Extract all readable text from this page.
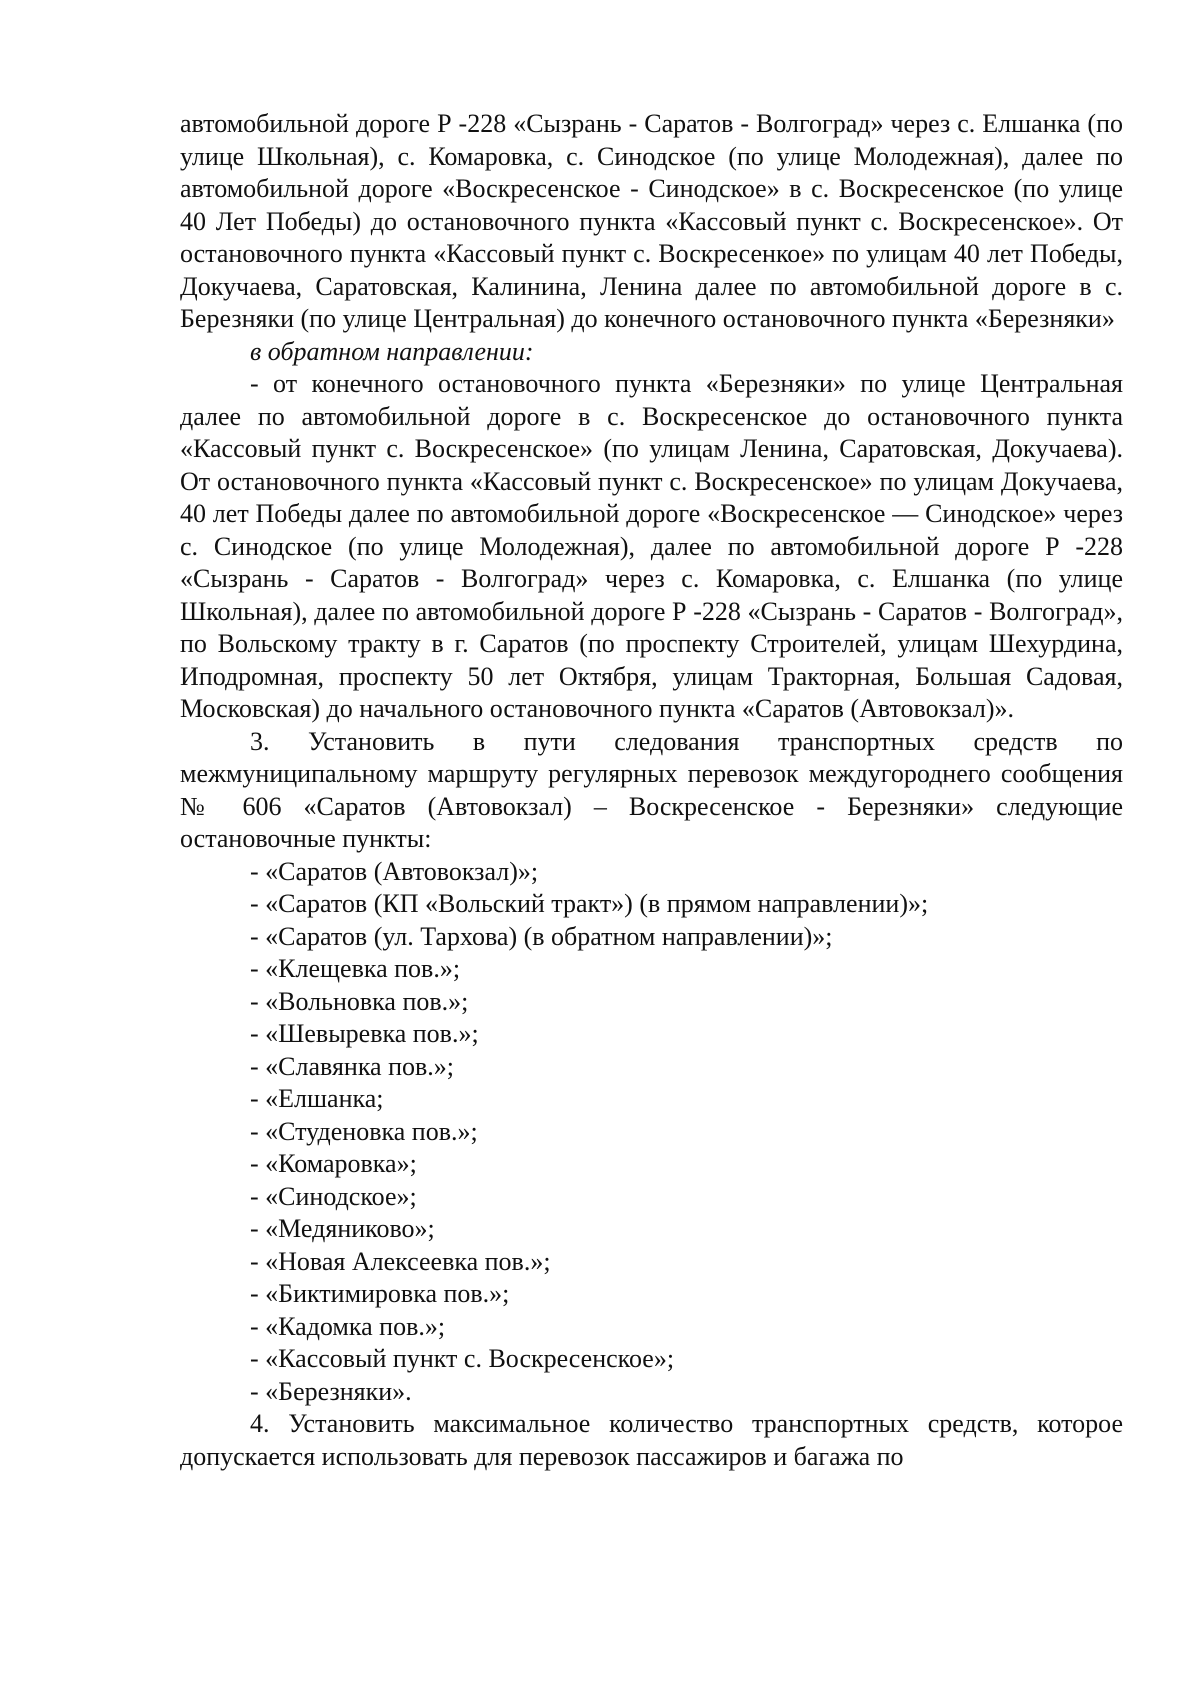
автомобильной дороге Р -228 «Сызрань - Саратов - Волгоград» через с. Елшанка (по улице Школьная), с. Комаровка, с. Синодское (по улице Молодежная), далее по автомобильной дороге «Воскресенское - Синодское» в с. Воскресенское (по улице 40 Лет Победы) до остановочного пункта «Кассовый пункт с. Воскресенское». От остановочного пункта «Кассовый пункт с. Воскресенкое» по улицам 40 лет Победы, Докучаева, Саратовская, Калинина, Ленина далее по автомобильной дороге в с. Березняки (по улице Центральная) до конечного остановочного пункта «Березняки»

в обратном направлении:

- от конечного остановочного пункта «Березняки» по улице Центральная далее по автомобильной дороге в с. Воскресенское до остановочного пункта «Кассовый пункт с. Воскресенское» (по улицам Ленина, Саратовская, Докучаева). От остановочного пункта «Кассовый пункт с. Воскресенское» по улицам Докучаева, 40 лет Победы далее по автомобильной дороге «Воскресенское — Синодское» через с. Синодское (по улице Молодежная), далее по автомобильной дороге Р -228 «Сызрань - Саратов - Волгоград» через с. Комаровка, с. Елшанка (по улице Школьная), далее по автомобильной дороге Р -228 «Сызрань - Саратов - Волгоград», по Вольскому тракту в г. Саратов (по проспекту Строителей, улицам Шехурдина, Иподромная, проспекту 50 лет Октября, улицам Тракторная, Большая Садовая, Московская) до начального остановочного пункта «Саратов (Автовокзал)».

3. Установить в пути следования транспортных средств по межмуниципальному маршруту регулярных перевозок междугороднего сообщения № 606 «Саратов (Автовокзал) – Воскресенское - Березняки» следующие остановочные пункты:

- «Саратов (Автовокзал)»;
- «Саратов (КП «Вольский тракт») (в прямом направлении)»;
- «Саратов (ул. Тархова) (в обратном направлении)»;
- «Клещевка пов.»;
- «Вольновка пов.»;
- «Шевыревка пов.»;
- «Славянка пов.»;
- «Елшанка;
- «Студеновка пов.»;
- «Комаровка»;
- «Синодское»;
- «Медяниково»;
- «Новая Алексеевка пов.»;
- «Биктимировка пов.»;
- «Кадомка пов.»;
- «Кассовый пункт с. Воскресенское»;
- «Березняки».

4. Установить максимальное количество транспортных средств, которое допускается использовать для перевозок пассажиров и багажа по
